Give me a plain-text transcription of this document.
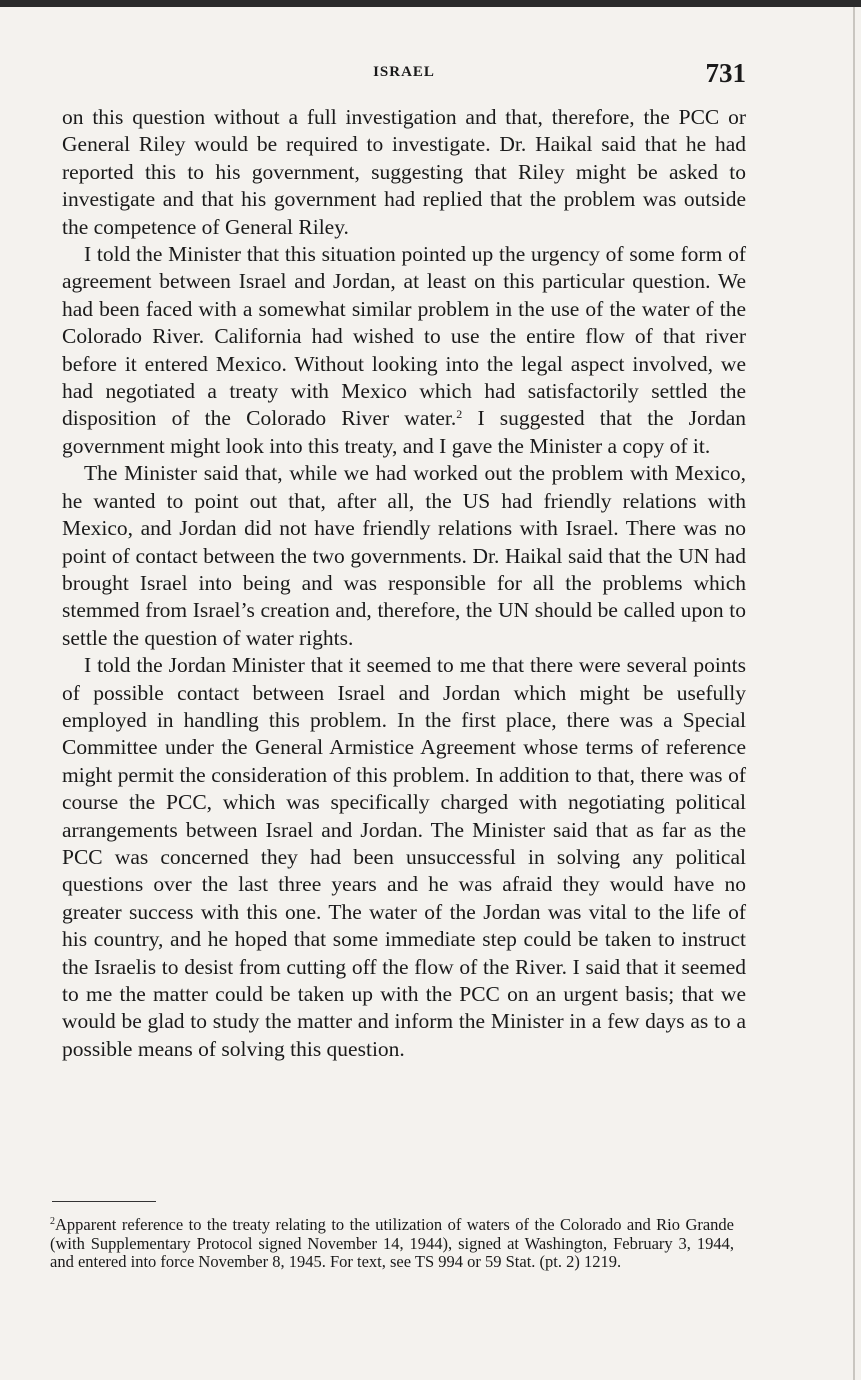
ISRAEL	731

on this question without a full investigation and that, therefore, the PCC or General Riley would be required to investigate. Dr. Haikal said that he had reported this to his government, suggesting that Riley might be asked to investigate and that his government had replied that the problem was outside the competence of General Riley.

I told the Minister that this situation pointed up the urgency of some form of agreement between Israel and Jordan, at least on this particular question. We had been faced with a somewhat similar problem in the use of the water of the Colorado River. California had wished to use the entire flow of that river before it entered Mexico. Without looking into the legal aspect involved, we had negotiated a treaty with Mexico which had satisfactorily settled the disposition of the Colorado River water.$^2$ I suggested that the Jordan government might look into this treaty, and I gave the Minister a copy of it.

The Minister said that, while we had worked out the problem with Mexico, he wanted to point out that, after all, the US had friendly relations with Mexico, and Jordan did not have friendly relations with Israel. There was no point of contact between the two governments. Dr. Haikal said that the UN had brought Israel into being and was responsible for all the problems which stemmed from Israel’s creation and, therefore, the UN should be called upon to settle the question of water rights.

I told the Jordan Minister that it seemed to me that there were several points of possible contact between Israel and Jordan which might be usefully employed in handling this problem. In the first place, there was a Special Committee under the General Armistice Agreement whose terms of reference might permit the consideration of this problem. In addition to that, there was of course the PCC, which was specifically charged with negotiating political arrangements between Israel and Jordan. The Minister said that as far as the PCC was concerned they had been unsuccessful in solving any political questions over the last three years and he was afraid they would have no greater success with this one. The water of the Jordan was vital to the life of his country, and he hoped that some immediate step could be taken to instruct the Israelis to desist from cutting off the flow of the River. I said that it seemed to me the matter could be taken up with the PCC on an urgent basis; that we would be glad to study the matter and inform the Minister in a few days as to a possible means of solving this question.

$^2$Apparent reference to the treaty relating to the utilization of waters of the Colorado and Rio Grande (with Supplementary Protocol signed November 14, 1944), signed at Washington, February 3, 1944, and entered into force November 8, 1945. For text, see TS 994 or 59 Stat. (pt. 2) 1219.
